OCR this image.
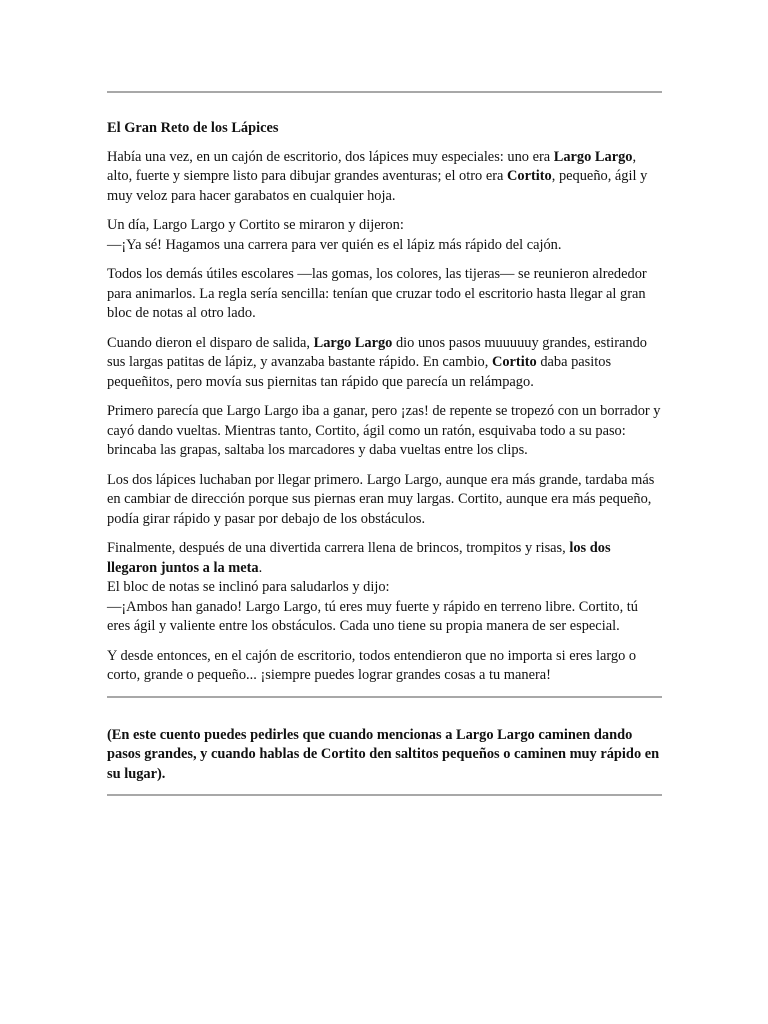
El Gran Reto de los Lápices

Había una vez, en un cajón de escritorio, dos lápices muy especiales: uno era Largo Largo, alto, fuerte y siempre listo para dibujar grandes aventuras; el otro era Cortito, pequeño, ágil y muy veloz para hacer garabatos en cualquier hoja.

Un día, Largo Largo y Cortito se miraron y dijeron:
—¡Ya sé! Hagamos una carrera para ver quién es el lápiz más rápido del cajón.

Todos los demás útiles escolares —las gomas, los colores, las tijeras— se reunieron alrededor para animarlos. La regla sería sencilla: tenían que cruzar todo el escritorio hasta llegar al gran bloc de notas al otro lado.

Cuando dieron el disparo de salida, Largo Largo dio unos pasos muuuuuy grandes, estirando sus largas patitas de lápiz, y avanzaba bastante rápido. En cambio, Cortito daba pasitos pequeñitos, pero movía sus piernitas tan rápido que parecía un relámpago.

Primero parecía que Largo Largo iba a ganar, pero ¡zas! de repente se tropezó con un borrador y cayó dando vueltas. Mientras tanto, Cortito, ágil como un ratón, esquivaba todo a su paso: brincaba las grapas, saltaba los marcadores y daba vueltas entre los clips.

Los dos lápices luchaban por llegar primero. Largo Largo, aunque era más grande, tardaba más en cambiar de dirección porque sus piernas eran muy largas. Cortito, aunque era más pequeño, podía girar rápido y pasar por debajo de los obstáculos.

Finalmente, después de una divertida carrera llena de brincos, trompitos y risas, los dos llegaron juntos a la meta.
El bloc de notas se inclinó para saludarlos y dijo:
—¡Ambos han ganado! Largo Largo, tú eres muy fuerte y rápido en terreno libre. Cortito, tú eres ágil y valiente entre los obstáculos. Cada uno tiene su propia manera de ser especial.

Y desde entonces, en el cajón de escritorio, todos entendieron que no importa si eres largo o corto, grande o pequeño... ¡siempre puedes lograr grandes cosas a tu manera!

(En este cuento puedes pedirles que cuando mencionas a Largo Largo caminen dando pasos grandes, y cuando hablas de Cortito den saltitos pequeños o caminen muy rápido en su lugar).
